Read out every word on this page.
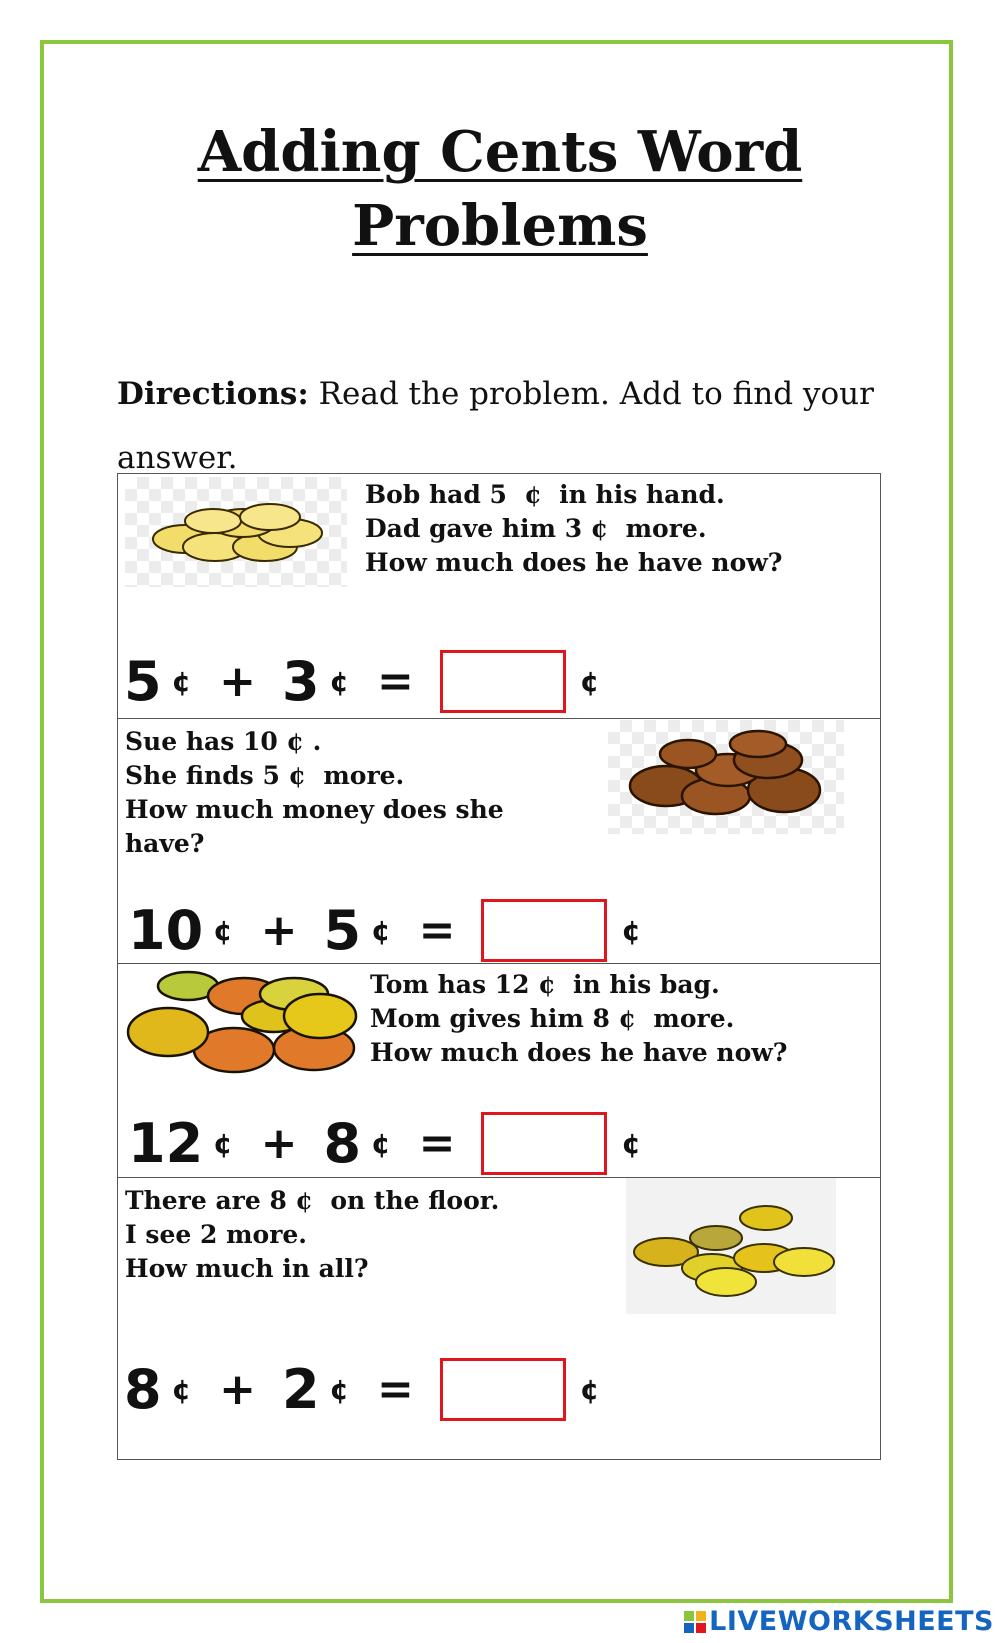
Adding Cents Word
Problems
Directions: Read the problem. Add to find your answer.
Bob had 5  ¢  in his hand.
Dad gave him 3 ¢  more.
How much does he have now?
5 ¢ + 3 ¢ =	¢
Sue has 10 ¢ .
She finds 5 ¢  more.
How much money does she
have?
10 ¢ + 5 ¢ =	¢
Tom has 12 ¢  in his bag.
Mom gives him 8 ¢  more.
How much does he have now?
12 ¢ + 8 ¢ =	¢
There are 8 ¢  on the floor.
I see 2 more.
How much in all?
8 ¢ + 2 ¢ =	¢
LIVEWORKSHEETS
